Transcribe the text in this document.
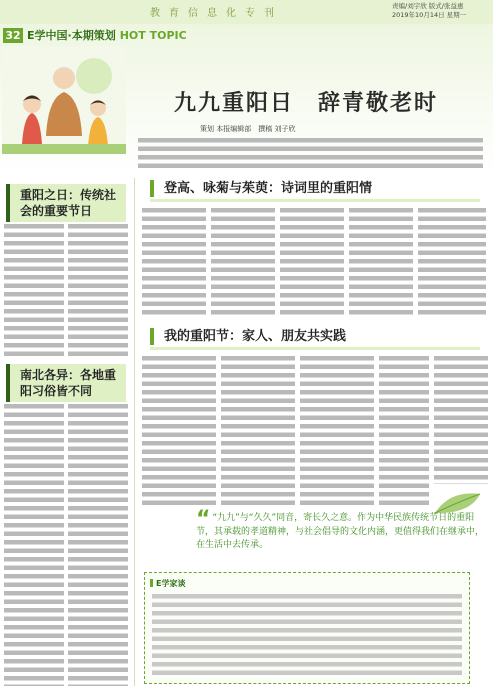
教育信息化专刊
责编/刘宇欣 版式/张益惠
2019年10月14日 星期一
32 E学中国·本期策划 HOT TOPIC
九九重阳日　辞青敬老时
策划 本报编辑部　撰稿 刘子欣
重阳之日：传统社会的重要节日
南北各异：各地重阳习俗皆不同
登高、咏菊与茱萸：诗词里的重阳情
我的重阳节：家人、朋友共实践
“ “九九”与“久久”同音，寄长久之意。作为中华民族传统节日的重阳节，其承载的孝道精神，与社会倡导的文化内涵，更值得我们在继承中，在生活中去传承。
E学家谈
